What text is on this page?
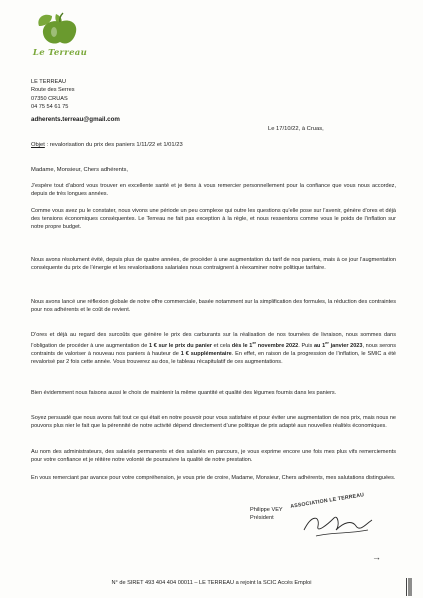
Le Terreau
LE TERREAU
Route des Serres
07350 CRUAS
04 75 54 61 75
adherents.terreau@gmail.com
Le 17/10/22, à Cruas,
Objet : revalorisation du prix des paniers 1/11/22 et 1/01/23
Madame, Monsieur, Chers adhérents,
J’espère tout d’abord vous trouver en excellente santé et je tiens à vous remercier personnellement pour la confiance que vous nous accordez, depuis de très longues années.
Comme vous avez pu le constater, nous vivons une période un peu complexe qui outre les questions qu’elle pose sur l’avenir, génère d’ores et déjà des tensions économiques conséquentes. Le Terreau ne fait pas exception à la règle, et nous ressentons comme vous le poids de l’inflation sur notre propre budget.
Nous avons résolument évité, depuis plus de quatre années, de procéder à une augmentation du tarif de nos paniers, mais à ce jour l’augmentation conséquente du prix de l’énergie et les revalorisations salariales nous contraignent à réexaminer notre politique tarifaire.
Nous avons lancé une réflexion globale de notre offre commerciale, basée notamment sur la simplification des formules, la réduction des contraintes pour nos adhérents et le coût de revient.
D’ores et déjà au regard des surcoûts que génère le prix des carburants sur la réalisation de nos tournées de livraison, nous sommes dans l’obligation de procéder à une augmentation de 1 € sur le prix du panier et cela dès le 1er novembre 2022. Puis au 1er janvier 2023, nous serons contraints de valoriser à nouveau nos paniers à hauteur de 1 € supplémentaire. En effet, en raison de la progression de l’inflation, le SMIC a été revalorisé par 2 fois cette année. Vous trouverez au dos, le tableau récapitulatif de ces augmentations.
Bien évidemment nous faisons aussi le choix de maintenir la même quantité et qualité des légumes fournis dans les paniers.
Soyez persuadé que nous avons fait tout ce qui était en notre pouvoir pour vous satisfaire et pour éviter une augmentation de nos prix, mais nous ne pouvons plus nier le fait que la pérennité de notre activité dépend directement d’une politique de prix adapté aux nouvelles réalités économiques.
Au nom des administrateurs, des salariés permanents et des salariés en parcours, je vous exprime encore une fois mes plus vifs remerciements pour votre confiance et je réitère notre volonté de poursuivre la qualité de notre prestation.
En vous remerciant par avance pour votre compréhension, je vous prie de croire, Madame, Monsieur, Chers adhérents, mes salutations distinguées.
ASSOCIATION LE TERREAU
Philippe VEY
Président
→
N° de SIRET 493 404 404 00011 – LE TERREAU a rejoint la SCIC Accès Emploi
